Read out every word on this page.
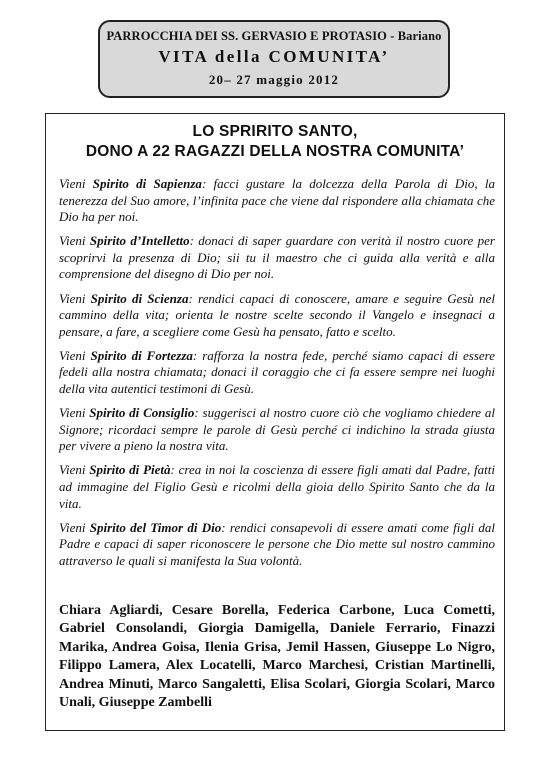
PARROCCHIA DEI SS. GERVASIO E PROTASIO - Bariano
VITA della COMUNITA’
20– 27 maggio 2012
LO SPRIRITO SANTO,
DONO A 22 RAGAZZI DELLA NOSTRA COMUNITA’

Vieni Spirito di Sapienza: facci gustare la dolcezza della Parola di Dio, la tenerezza del Suo amore, l’infinita pace che viene dal rispondere alla chiamata che Dio ha per noi.

Vieni Spirito d’Intelletto: donaci di saper guardare con verità il nostro cuore per scoprirvi la presenza di Dio; sii tu il maestro che ci guida alla verità e alla comprensione del disegno di Dio per noi.

Vieni Spirito di Scienza: rendici capaci di conoscere, amare e seguire Gesù nel cammino della vita; orienta le nostre scelte secondo il Vangelo e insegnaci a pensare, a fare, a scegliere come Gesù ha pensato, fatto e scelto.

Vieni Spirito di Fortezza: rafforza la nostra fede, perché siamo capaci di essere fedeli alla nostra chiamata; donaci il coraggio che ci fa essere sempre nei luoghi della vita autentici testimoni di Gesù.

Vieni Spirito di Consiglio: suggerisci al nostro cuore ciò che vogliamo chiedere al Signore; ricordaci sempre le parole di Gesù perché ci indichino la strada giusta per vivere a pieno la nostra vita.

Vieni Spirito di Pietà: crea in noi la coscienza di essere figli amati dal Padre, fatti ad immagine del Figlio Gesù e ricolmi della gioia dello Spirito Santo che da la vita.

Vieni Spirito del Timor di Dio: rendici consapevoli di essere amati come figli dal Padre e capaci di saper riconoscere le persone che Dio mette sul nostro cammino attraverso le quali si manifesta la Sua volontà.

Chiara Agliardi, Cesare Borella, Federica Carbone, Luca Cometti, Gabriel Consolandi, Giorgia Damigella, Daniele Ferrario, Finazzi Marika, Andrea Goisa, Ilenia Grisa, Jemil Hassen, Giuseppe Lo Nigro, Filippo Lamera, Alex Locatelli, Marco Marchesi, Cristian Martinelli, Andrea Minuti, Marco Sangaletti, Elisa Scolari, Giorgia Scolari, Marco Unali, Giuseppe Zambelli
